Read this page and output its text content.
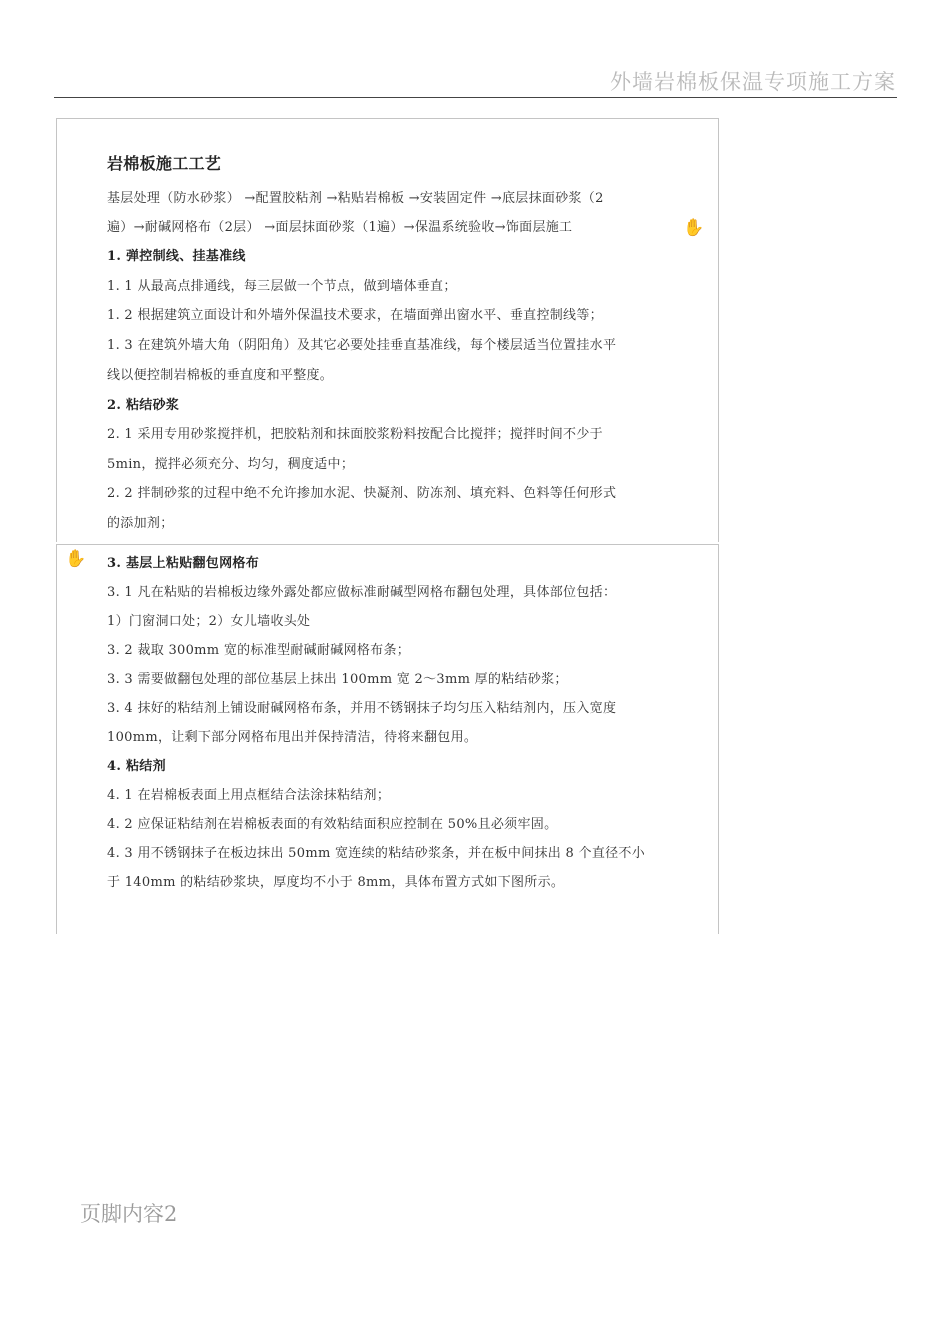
外墙岩棉板保温专项施工方案
岩棉板施工工艺
基层处理（防水砂浆） →配置胶粘剂 →粘贴岩棉板 →安装固定件 →底层抹面砂浆（2
遍）→耐碱网格布（2层） →面层抹面砂浆（1遍）→保温系统验收→饰面层施工
1. 弹控制线、挂基准线
1. 1 从最高点排通线，每三层做一个节点，做到墙体垂直；
1. 2 根据建筑立面设计和外墙外保温技术要求，在墙面弹出窗水平、垂直控制线等；
1. 3 在建筑外墙大角（阴阳角）及其它必要处挂垂直基准线，每个楼层适当位置挂水平
线以便控制岩棉板的垂直度和平整度。
2. 粘结砂浆
2. 1 采用专用砂浆搅拌机，把胶粘剂和抹面胶浆粉料按配合比搅拌；搅拌时间不少于
5min，搅拌必须充分、均匀，稠度适中；
2. 2 拌制砂浆的过程中绝不允许掺加水泥、快凝剂、防冻剂、填充料、色料等任何形式
的添加剂；
✋
✋ 3. 基层上粘贴翻包网格布
3. 1 凡在粘贴的岩棉板边缘外露处都应做标准耐碱型网格布翻包处理，具体部位包括：
1）门窗洞口处；2）女儿墙收头处
3. 2 裁取 300mm 宽的标准型耐碱耐碱网格布条；
3. 3 需要做翻包处理的部位基层上抹出 100mm 宽 2～3mm 厚的粘结砂浆；
3. 4 抹好的粘结剂上铺设耐碱网格布条，并用不锈钢抹子均匀压入粘结剂内，压入宽度
100mm，让剩下部分网格布甩出并保持清洁，待将来翻包用。
4. 粘结剂
4. 1 在岩棉板表面上用点框结合法涂抹粘结剂；
4. 2 应保证粘结剂在岩棉板表面的有效粘结面积应控制在 50%且必须牢固。
4. 3 用不锈钢抹子在板边抹出 50mm 宽连续的粘结砂浆条，并在板中间抹出 8 个直径不小
于 140mm 的粘结砂浆块，厚度均不小于 8mm，具体布置方式如下图所示。
页脚内容2
